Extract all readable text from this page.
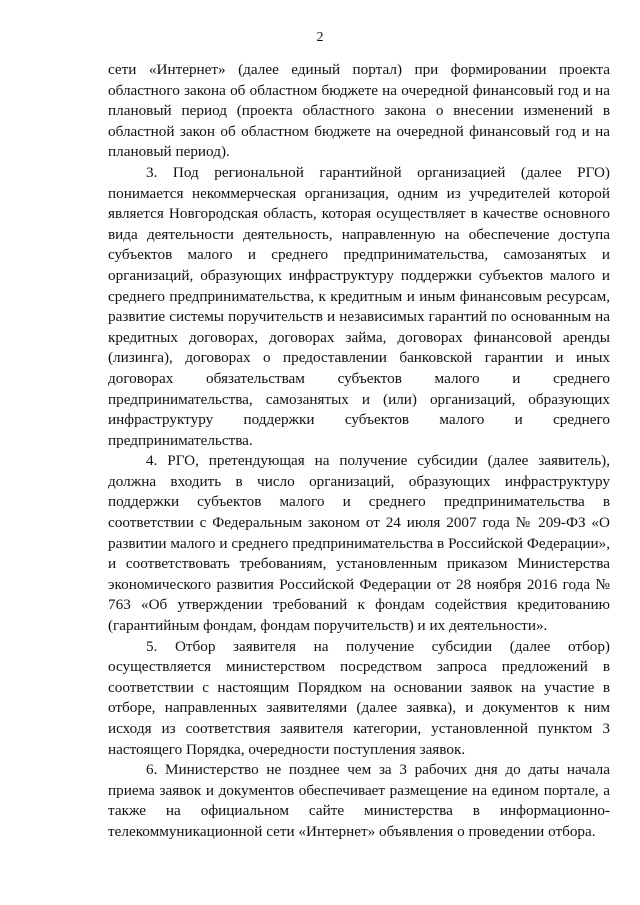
2

сети «Интернет» (далее единый портал) при формировании проекта областного закона об областном бюджете на очередной финансовый год и на плановый период (проекта областного закона о внесении изменений в областной закон об областном бюджете на очередной финансовый год и на плановый период).

3. Под региональной гарантийной организацией (далее РГО) понимается некоммерческая организация, одним из учредителей которой является Новгородская область, которая осуществляет в качестве основного вида деятельности деятельность, направленную на обеспечение доступа субъектов малого и среднего предпринимательства, самозанятых и организаций, образующих инфраструктуру поддержки субъектов малого и среднего предпринимательства, к кредитным и иным финансовым ресурсам, развитие системы поручительств и независимых гарантий по основанным на кредитных договорах, договорах займа, договорах финансовой аренды (лизинга), договорах о предоставлении банковской гарантии и иных договорах обязательствам субъектов малого и среднего предпринимательства, самозанятых и (или) организаций, образующих инфраструктуру поддержки субъектов малого и среднего предпринимательства.

4. РГО, претендующая на получение субсидии (далее заявитель), должна входить в число организаций, образующих инфраструктуру поддержки субъектов малого и среднего предпринимательства в соответствии с Федеральным законом от 24 июля 2007 года № 209-ФЗ «О развитии малого и среднего предпринимательства в Российской Федерации», и соответствовать требованиям, установленным приказом Министерства экономического развития Российской Федерации от 28 ноября 2016 года № 763 «Об утверждении требований к фондам содействия кредитованию (гарантийным фондам, фондам поручительств) и их деятельности».

5. Отбор заявителя на получение субсидии (далее отбор) осуществляется министерством посредством запроса предложений в соответствии с настоящим Порядком на основании заявок на участие в отборе, направленных заявителями (далее заявка), и документов к ним исходя из соответствия заявителя категории, установленной пунктом 3 настоящего Порядка, очередности поступления заявок.

6. Министерство не позднее чем за 3 рабочих дня до даты начала приема заявок и документов обеспечивает размещение на едином портале, а также на официальном сайте министерства в информационно-телекоммуникационной сети «Интернет» объявления о проведении отбора.
